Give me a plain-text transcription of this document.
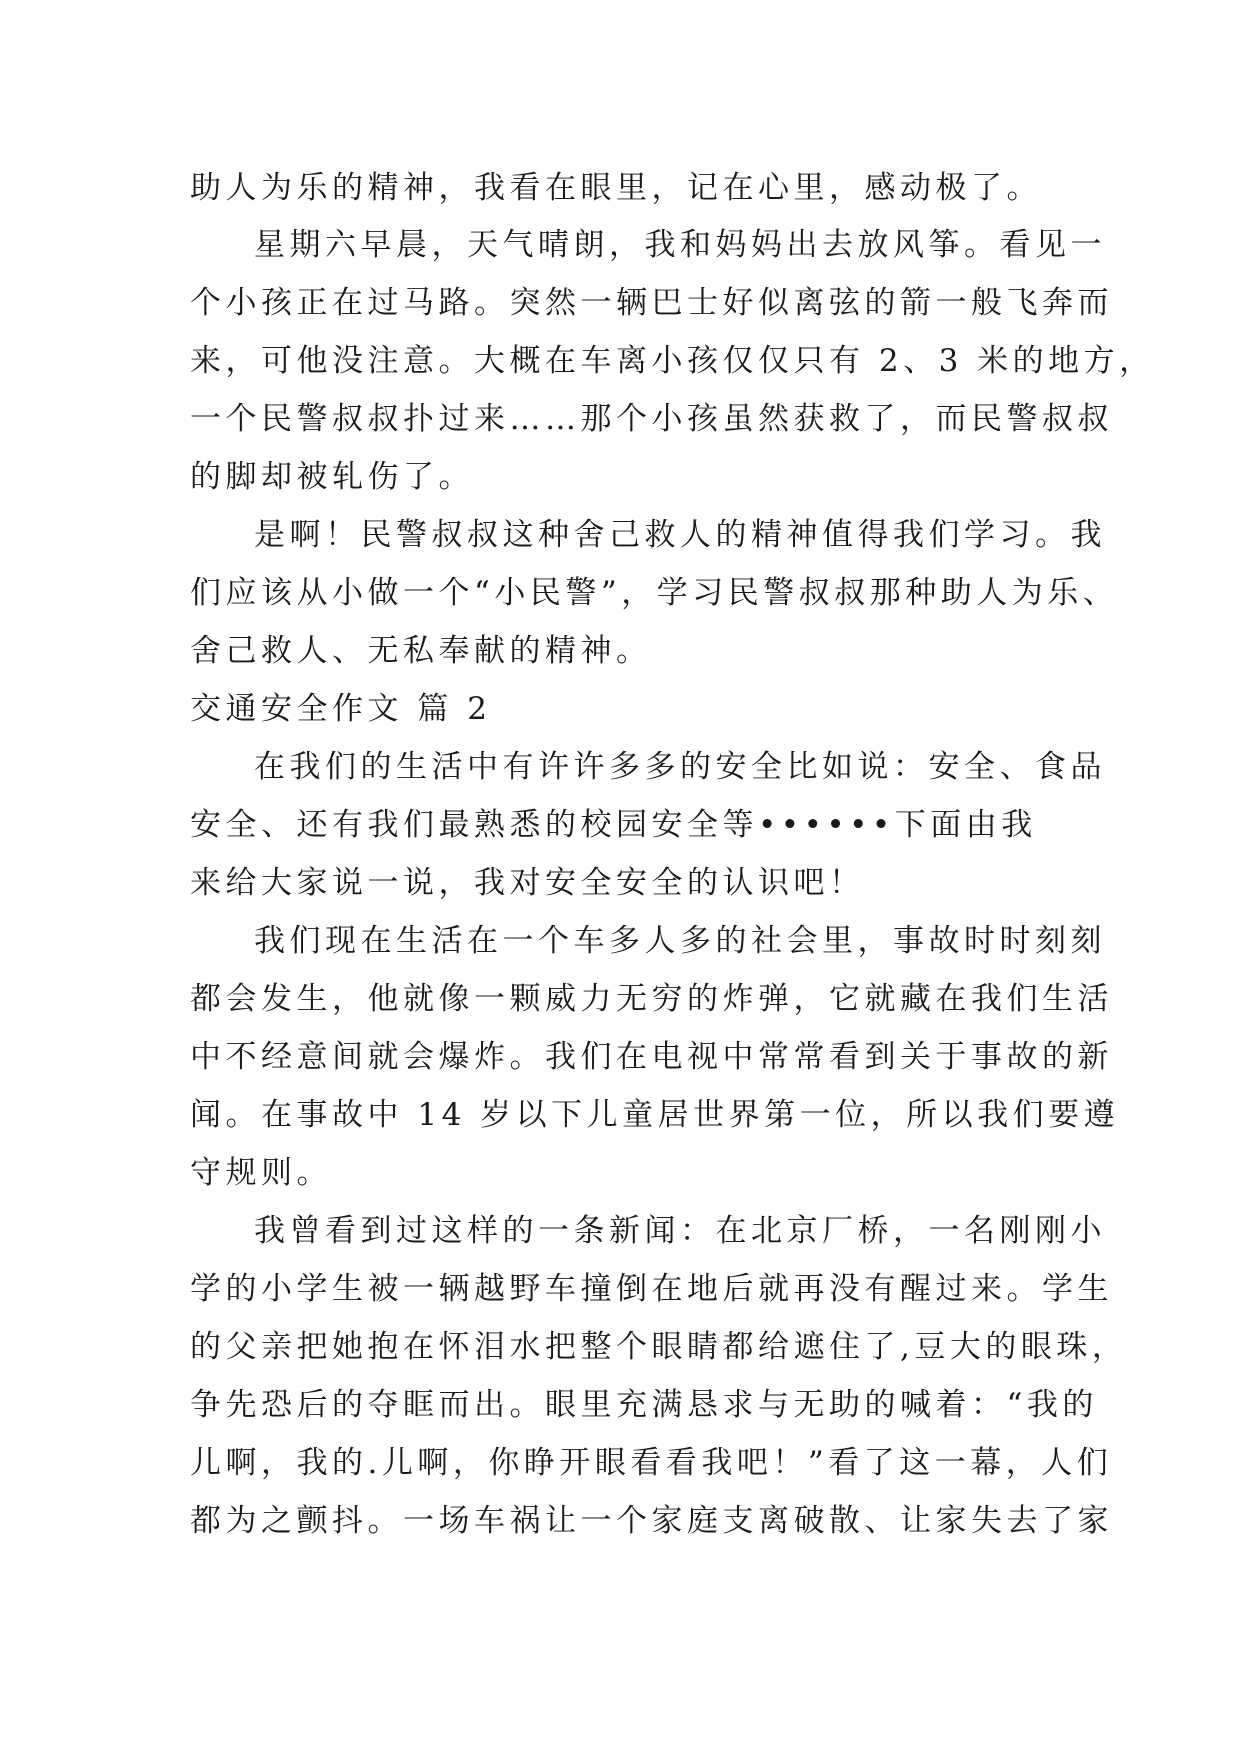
助人为乐的精神，我看在眼里，记在心里，感动极了。
星期六早晨，天气晴朗，我和妈妈出去放风筝。看见一
个小孩正在过马路。突然一辆巴士好似离弦的箭一般飞奔而
来，可他没注意。大概在车离小孩仅仅只有 2、3 米的地方，
一个民警叔叔扑过来……那个小孩虽然获救了，而民警叔叔
的脚却被轧伤了。
是啊！民警叔叔这种舍己救人的精神值得我们学习。我
们应该从小做一个“小民警”，学习民警叔叔那种助人为乐、
舍己救人、无私奉献的精神。
交通安全作文 篇 2
在我们的生活中有许许多多的安全比如说：安全、食品
安全、还有我们最熟悉的校园安全等••••••下面由我
来给大家说一说，我对安全安全的认识吧！
我们现在生活在一个车多人多的社会里，事故时时刻刻
都会发生，他就像一颗威力无穷的炸弹，它就藏在我们生活
中不经意间就会爆炸。我们在电视中常常看到关于事故的新
闻。在事故中 14 岁以下儿童居世界第一位，所以我们要遵
守规则。
我曾看到过这样的一条新闻：在北京厂桥，一名刚刚小
学的小学生被一辆越野车撞倒在地后就再没有醒过来。学生
的父亲把她抱在怀泪水把整个眼睛都给遮住了,豆大的眼珠，
争先恐后的夺眶而出。眼里充满恳求与无助的喊着：“我的
儿啊，我的.儿啊，你睁开眼看看我吧！”看了这一幕，人们
都为之颤抖。一场车祸让一个家庭支离破散、让家失去了家
